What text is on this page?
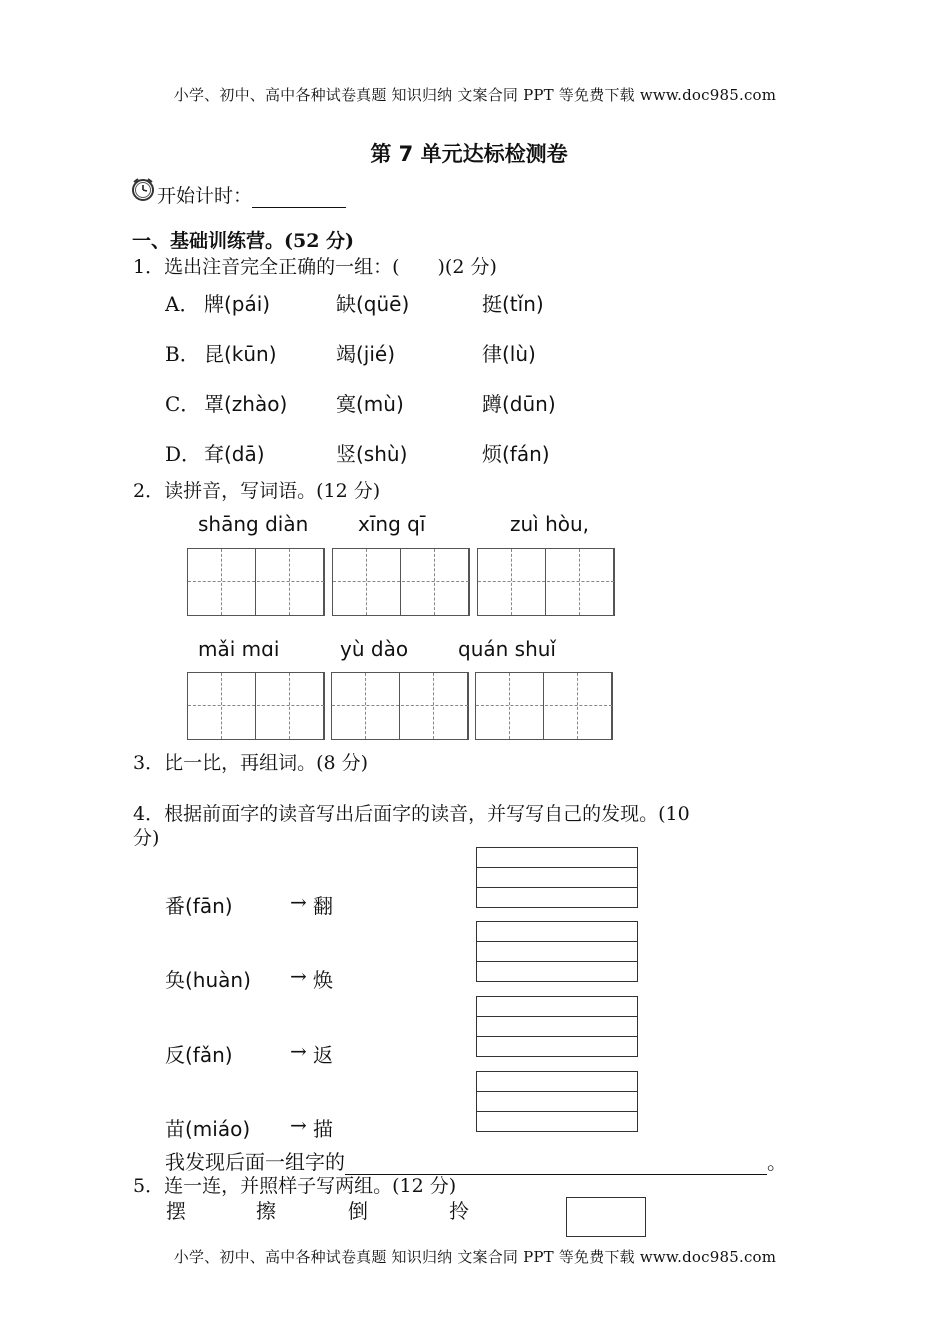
小学、初中、高中各种试卷真题 知识归纳 文案合同 PPT 等免费下载 www.doc985.com
第 7 单元达标检测卷
开始计时：
一、基础训练营。(52 分)
1．选出注音完全正确的一组：(　　)(2 分)
A． 牌(pái)	缺(qüē)	挺(tǐn)
B． 昆(kūn)	竭(jié)	律(lù)
C． 罩(zhào) 寞(mù)	蹲(dūn)
D． 耷(dā)	竖(shù)	烦(fán)
2．读拼音，写词语。(12 分)
shāng diàn xīng qī	zuì hòu,
mǎi mɑi	yù dào quán shuǐ
3．比一比，再组词。(8 分)
4．根据前面字的读音写出后面字的读音，并写写自己的发现。(10
分)
番(fān)	→ 翻
奂(huàn) → 焕
反(fǎn)	→ 返
苗(miáo) → 描
我发现后面一组字的	。
5．连一连，并照样子写两组。(12 分)
摆	擦	倒	拎
小学、初中、高中各种试卷真题 知识归纳 文案合同 PPT 等免费下载 www.doc985.com
